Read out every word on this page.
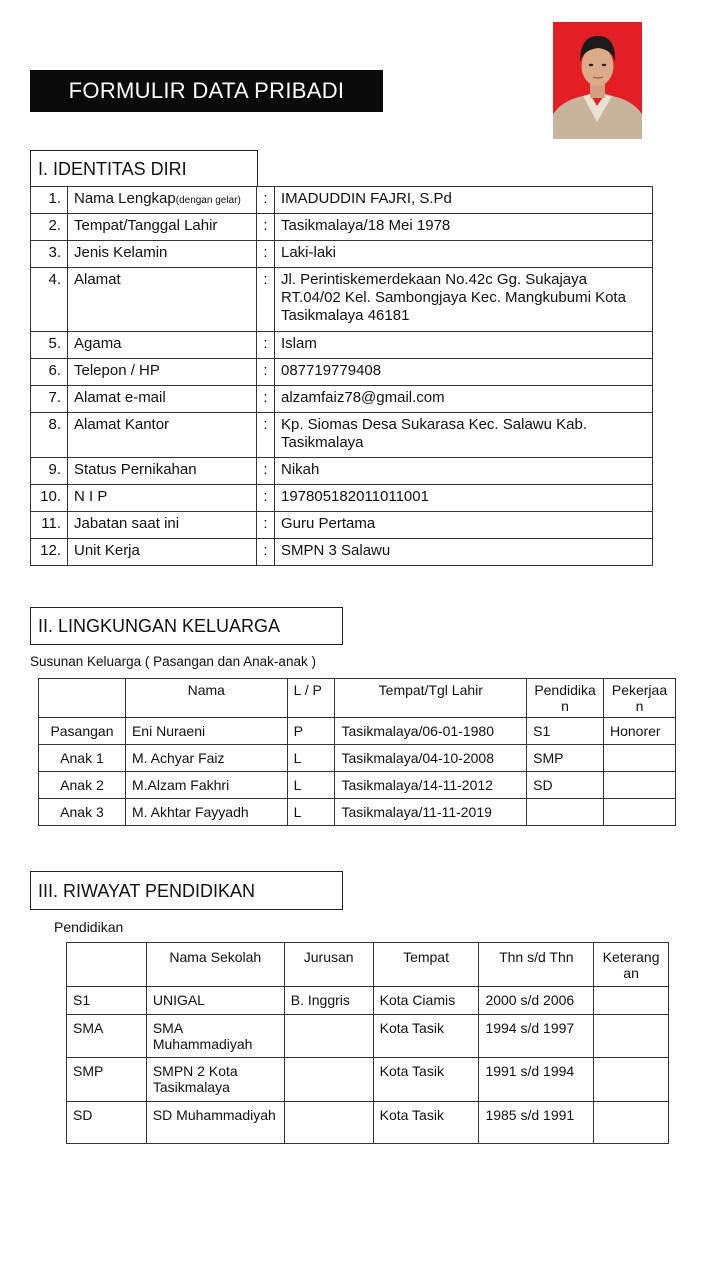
FORMULIR DATA PRIBADI
I. IDENTITAS DIRI
1.	Nama Lengkap(dengan gelar)	:	IMADUDDIN FAJRI, S.Pd
2.	Tempat/Tanggal Lahir	:	Tasikmalaya/18 Mei 1978
3.	Jenis Kelamin	:	Laki-laki
4.	Alamat	:	Jl. Perintiskemerdekaan No.42c Gg. Sukajaya RT.04/02 Kel. Sambongjaya Kec. Mangkubumi Kota Tasikmalaya 46181
5.	Agama	:	Islam
6.	Telepon / HP	:	087719779408
7.	Alamat e-mail	:	alzamfaiz78@gmail.com
8.	Alamat Kantor	:	Kp. Siomas Desa Sukarasa Kec. Salawu Kab. Tasikmalaya
9.	Status Pernikahan	:	Nikah
10.	N I P	:	197805182011011001
11.	Jabatan saat ini	:	Guru Pertama
12.	Unit Kerja	:	SMPN 3 Salawu
II. LINGKUNGAN KELUARGA
Susunan Keluarga ( Pasangan dan Anak-anak )
	Nama	L / P	Tempat/Tgl Lahir	Pendidikan	Pekerjaan
Pasangan	Eni Nuraeni	P	Tasikmalaya/06-01-1980	S1	Honorer
Anak 1	M. Achyar Faiz	L	Tasikmalaya/04-10-2008	SMP	
Anak 2	M.Alzam Fakhri	L	Tasikmalaya/14-11-2012	SD	
Anak 3	M. Akhtar Fayyadh	L	Tasikmalaya/11-11-2019		
III. RIWAYAT PENDIDIKAN
Pendidikan
	Nama Sekolah	Jurusan	Tempat	Thn s/d Thn	Keterangan
S1	UNIGAL	B. Inggris	Kota Ciamis	2000 s/d 2006	
SMA	SMA Muhammadiyah		Kota Tasik	1994 s/d 1997	
SMP	SMPN 2 Kota Tasikmalaya		Kota Tasik	1991 s/d 1994	
SD	SD Muhammadiyah		Kota Tasik	1985 s/d 1991	
